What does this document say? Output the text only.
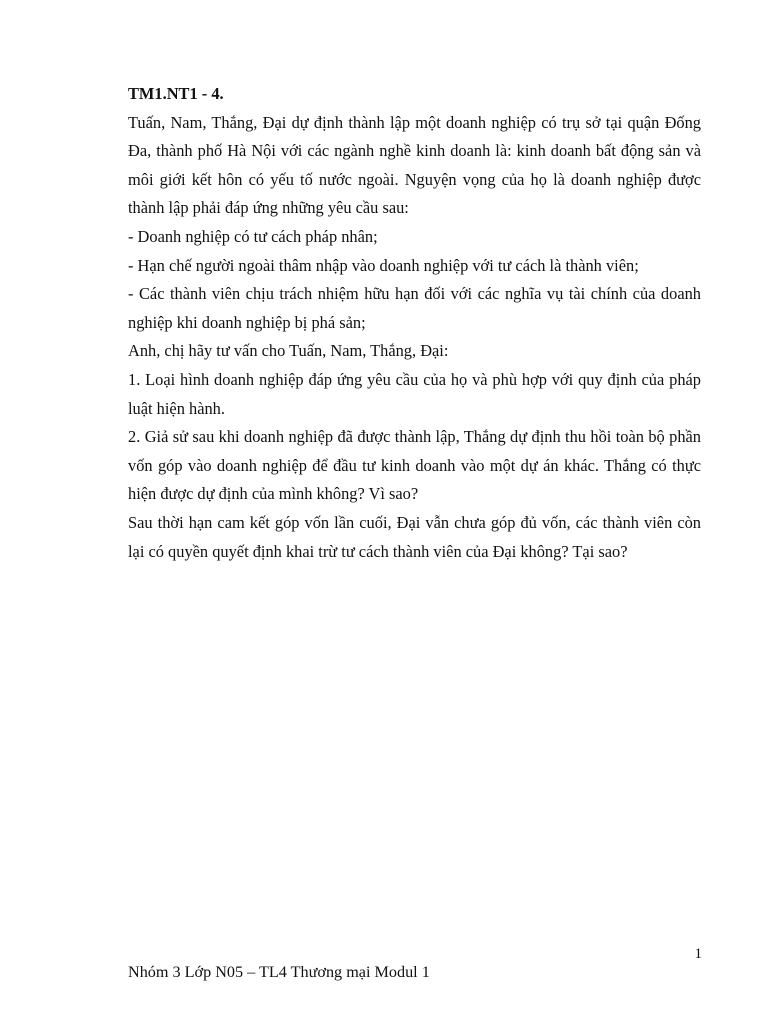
TM1.NT1 - 4.

Tuấn, Nam, Thắng, Đại dự định thành lập một doanh nghiệp có trụ sở tại quận Đống Đa, thành phố Hà Nội với các ngành nghề kinh doanh là: kinh doanh bất động sản và môi giới kết hôn có yếu tố nước ngoài. Nguyện vọng của họ là doanh nghiệp được thành lập phải đáp ứng những yêu cầu sau:

- Doanh nghiệp có tư cách pháp nhân;

- Hạn chế người ngoài thâm nhập vào doanh nghiệp với tư cách là thành viên;

- Các thành viên chịu trách nhiệm hữu hạn đối với các nghĩa vụ tài chính của doanh nghiệp khi doanh nghiệp bị phá sản;

Anh, chị hãy tư vấn cho Tuấn, Nam, Thắng, Đại:

1. Loại hình doanh nghiệp đáp ứng yêu cầu của họ và phù hợp với quy định của pháp luật hiện hành.

2. Giả sử sau khi doanh nghiệp đã được thành lập, Thắng dự định thu hồi toàn bộ phần vốn góp vào doanh nghiệp để đầu tư kinh doanh vào một dự án khác. Thắng có thực hiện được dự định của mình không? Vì sao?

Sau thời hạn cam kết góp vốn lần cuối, Đại vẫn chưa góp đủ vốn, các thành viên còn lại có quyền quyết định khai trừ tư cách thành viên của Đại không? Tại sao?

1
Nhóm 3 Lớp N05 – TL4 Thương mại Modul 1
